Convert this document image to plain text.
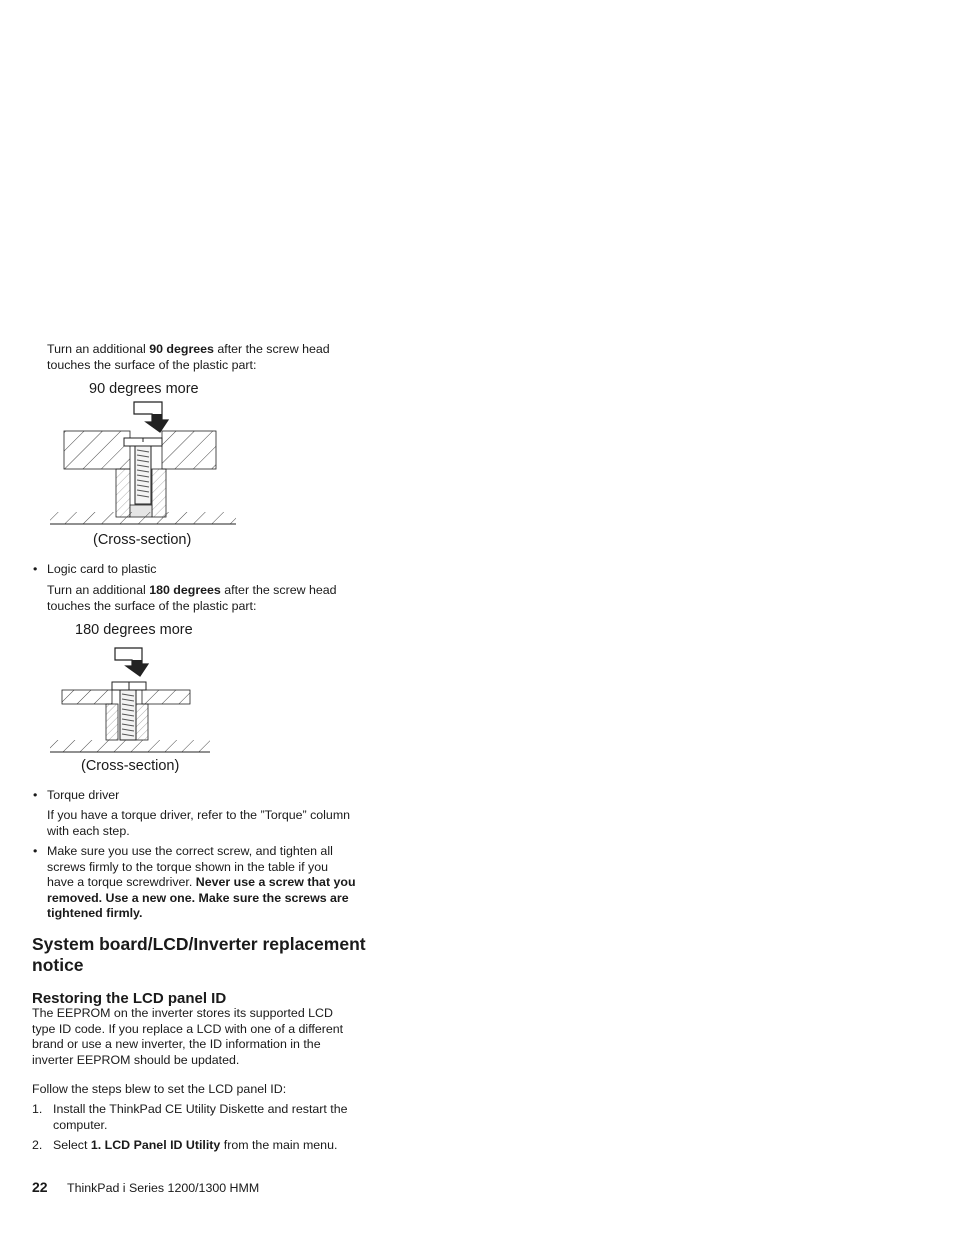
Turn an additional 90 degrees after the screw head
touches the surface of the plastic part:
90 degrees more
(Cross-section)
• Logic card to plastic
Turn an additional 180 degrees after the screw head
touches the surface of the plastic part:
180 degrees more
(Cross-section)
• Torque driver
If you have a torque driver, refer to the ”Torque” column
with each step.
• Make sure you use the correct screw, and tighten all
screws firmly to the torque shown in the table if you
have a torque screwdriver. Never use a screw that you
removed. Use a new one. Make sure the screws are
tightened firmly.
System board/LCD/Inverter replacement
notice
Restoring the LCD panel ID
The EEPROM on the inverter stores its supported LCD
type ID code. If you replace a LCD with one of a different
brand or use a new inverter, the ID information in the
inverter EEPROM should be updated.
Follow the steps blew to set the LCD panel ID:
1. Install the ThinkPad CE Utility Diskette and restart the
computer.
2. Select 1. LCD Panel ID Utility from the main menu.
22 ThinkPad i Series 1200/1300 HMM
